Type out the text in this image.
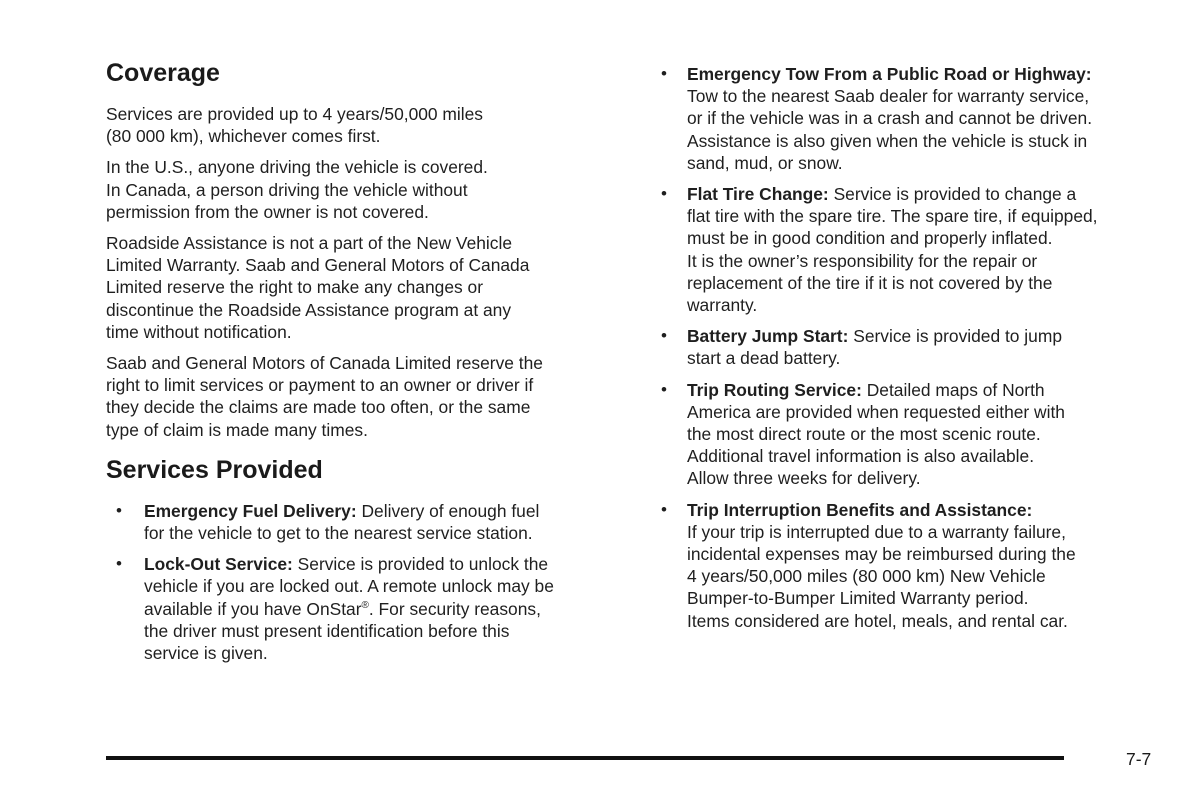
Coverage

Services are provided up to 4 years/50,000 miles
(80 000 km), whichever comes first.

In the U.S., anyone driving the vehicle is covered.
In Canada, a person driving the vehicle without
permission from the owner is not covered.

Roadside Assistance is not a part of the New Vehicle
Limited Warranty. Saab and General Motors of Canada
Limited reserve the right to make any changes or
discontinue the Roadside Assistance program at any
time without notification.

Saab and General Motors of Canada Limited reserve the
right to limit services or payment to an owner or driver if
they decide the claims are made too often, or the same
type of claim is made many times.

Services Provided
• Emergency Fuel Delivery: Delivery of enough fuel
for the vehicle to get to the nearest service station.
• Lock-Out Service: Service is provided to unlock the
vehicle if you are locked out. A remote unlock may be
available if you have OnStar®. For security reasons,
the driver must present identification before this
service is given.
• Emergency Tow From a Public Road or Highway:
Tow to the nearest Saab dealer for warranty service,
or if the vehicle was in a crash and cannot be driven.
Assistance is also given when the vehicle is stuck in
sand, mud, or snow.
• Flat Tire Change: Service is provided to change a
flat tire with the spare tire. The spare tire, if equipped,
must be in good condition and properly inflated.
It is the owner’s responsibility for the repair or
replacement of the tire if it is not covered by the
warranty.
• Battery Jump Start: Service is provided to jump
start a dead battery.
• Trip Routing Service: Detailed maps of North
America are provided when requested either with
the most direct route or the most scenic route.
Additional travel information is also available.
Allow three weeks for delivery.
• Trip Interruption Benefits and Assistance:
If your trip is interrupted due to a warranty failure,
incidental expenses may be reimbursed during the
4 years/50,000 miles (80 000 km) New Vehicle
Bumper-to-Bumper Limited Warranty period.
Items considered are hotel, meals, and rental car.
7-7
